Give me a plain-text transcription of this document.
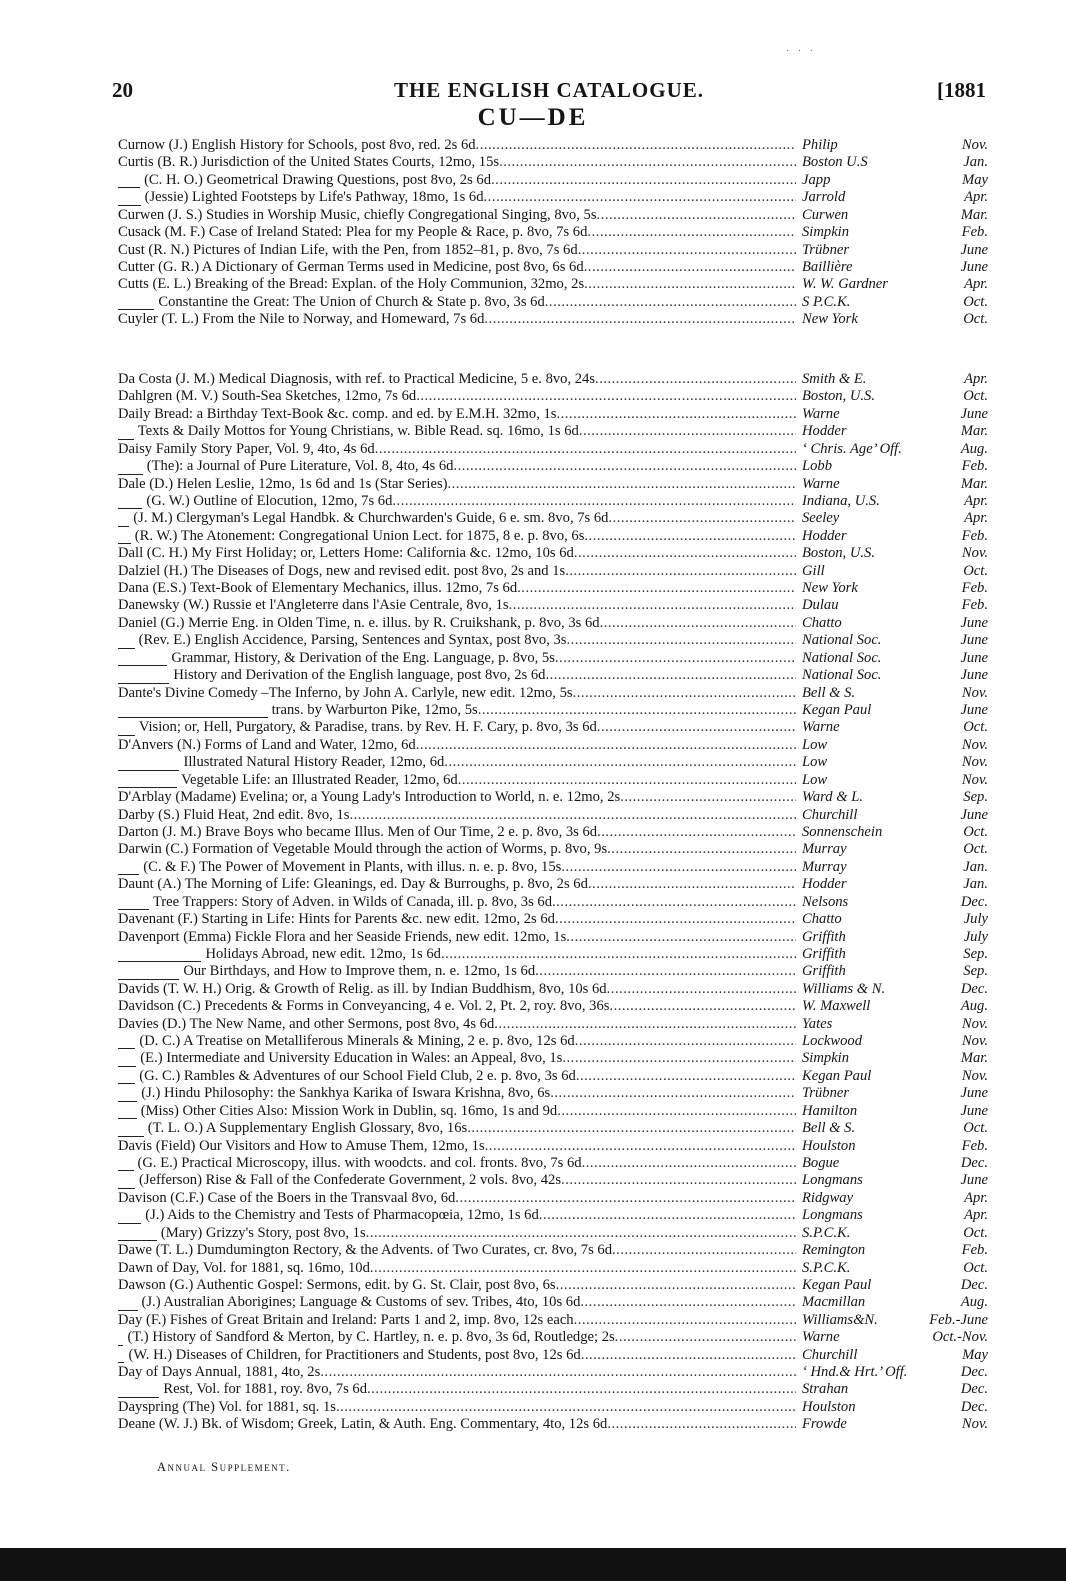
· · ·
20	THE ENGLISH CATALOGUE.	[1881
CU—DE
Curnow (J.) English History for Schools, post 8vo, red. 2s 6d .....	Philip	Nov.
Curtis (B. R.) Jurisdiction of the United States Courts, 12mo, 15s .....	Boston U.S	Jan.
(C. H. O.) Geometrical Drawing Questions, post 8vo, 2s 6d .....	Japp	May
(Jessie) Lighted Footsteps by Life's Pathway, 18mo, 1s 6d .....	Jarrold	Apr.
Curwen (J. S.) Studies in Worship Music, chiefly Congregational Singing, 8vo, 5s .....	Curwen	Mar.
Cusack (M. F.) Case of Ireland Stated: Plea for my People & Race, p. 8vo, 7s 6d .....	Simpkin	Feb.
Cust (R. N.) Pictures of Indian Life, with the Pen, from 1852–81, p. 8vo, 7s 6d .....	Trübner	June
Cutter (G. R.) A Dictionary of German Terms used in Medicine, post 8vo, 6s 6d .....	Baillière	June
Cutts (E. L.) Breaking of the Bread: Explan. of the Holy Communion, 32mo, 2s .....	W. W. Gardner	Apr.
Constantine the Great: The Union of Church & State p. 8vo, 3s 6d .....	S P.C.K.	Oct.
Cuyler (T. L.) From the Nile to Norway, and Homeward, 7s 6d .....	New York	Oct.
Da Costa (J. M.) Medical Diagnosis, with ref. to Practical Medicine, 5 e. 8vo, 24s .....	Smith & E.	Apr.
Dahlgren (M. V.) South-Sea Sketches, 12mo, 7s 6d .....	Boston, U.S.	Oct.
Daily Bread: a Birthday Text-Book &c. comp. and ed. by E.M.H. 32mo, 1s .....	Warne	June
Texts & Daily Mottos for Young Christians, w. Bible Read. sq. 16mo, 1s 6d .....	Hodder	Mar.
Daisy Family Story Paper, Vol. 9, 4to, 4s 6d .....	‘ Chris. Age’ Off.	Aug.
(The): a Journal of Pure Literature, Vol. 8, 4to, 4s 6d .....	Lobb	Feb.
Dale (D.) Helen Leslie, 12mo, 1s 6d and 1s (Star Series) .....	Warne	Mar.
(G. W.) Outline of Elocution, 12mo, 7s 6d .....	Indiana, U.S.	Apr.
(J. M.) Clergyman's Legal Handbk. & Churchwarden's Guide, 6 e. sm. 8vo, 7s 6d .....	Seeley	Apr.
(R. W.) The Atonement: Congregational Union Lect. for 1875, 8 e. p. 8vo, 6s .....	Hodder	Feb.
Dall (C. H.) My First Holiday; or, Letters Home: California &c. 12mo, 10s 6d .....	Boston, U.S.	Nov.
Dalziel (H.) The Diseases of Dogs, new and revised edit. post 8vo, 2s and 1s .....	Gill	Oct.
Dana (E.S.) Text-Book of Elementary Mechanics, illus. 12mo, 7s 6d .....	New York	Feb.
Danewsky (W.) Russie et l'Angleterre dans l'Asie Centrale, 8vo, 1s .....	Dulau	Feb.
Daniel (G.) Merrie Eng. in Olden Time, n. e. illus. by R. Cruikshank, p. 8vo, 3s 6d .....	Chatto	June
(Rev. E.) English Accidence, Parsing, Sentences and Syntax, post 8vo, 3s .....	National Soc.	June
Grammar, History, & Derivation of the Eng. Language, p. 8vo, 5s .....	National Soc.	June
History and Derivation of the English language, post 8vo, 2s 6d .....	National Soc.	June
Dante's Divine Comedy –The Inferno, by John A. Carlyle, new edit. 12mo, 5s .....	Bell & S.	Nov.
trans. by Warburton Pike, 12mo, 5s .....	Kegan Paul	June
Vision; or, Hell, Purgatory, & Paradise, trans. by Rev. H. F. Cary, p. 8vo, 3s 6d .....	Warne	Oct.
D'Anvers (N.) Forms of Land and Water, 12mo, 6d .....	Low	Nov.
Illustrated Natural History Reader, 12mo, 6d .....	Low	Nov.
Vegetable Life: an Illustrated Reader, 12mo, 6d .....	Low	Nov.
D'Arblay (Madame) Evelina; or, a Young Lady's Introduction to World, n. e. 12mo, 2s .....	Ward & L.	Sep.
Darby (S.) Fluid Heat, 2nd edit. 8vo, 1s .....	Churchill	June
Darton (J. M.) Brave Boys who became Illus. Men of Our Time, 2 e. p. 8vo, 3s 6d .....	Sonnenschein	Oct.
Darwin (C.) Formation of Vegetable Mould through the action of Worms, p. 8vo, 9s .....	Murray	Oct.
(C. & F.) The Power of Movement in Plants, with illus. n. e. p. 8vo, 15s .....	Murray	Jan.
Daunt (A.) The Morning of Life: Gleanings, ed. Day & Burroughs, p. 8vo, 2s 6d .....	Hodder	Jan.
Tree Trappers: Story of Adven. in Wilds of Canada, ill. p. 8vo, 3s 6d .....	Nelsons	Dec.
Davenant (F.) Starting in Life: Hints for Parents &c. new edit. 12mo, 2s 6d .....	Chatto	July
Davenport (Emma) Fickle Flora and her Seaside Friends, new edit. 12mo, 1s .....	Griffith	July
Holidays Abroad, new edit. 12mo, 1s 6d .....	Griffith	Sep.
Our Birthdays, and How to Improve them, n. e. 12mo, 1s 6d .....	Griffith	Sep.
Davids (T. W. H.) Orig. & Growth of Relig. as ill. by Indian Buddhism, 8vo, 10s 6d .....	Williams & N.	Dec.
Davidson (C.) Precedents & Forms in Conveyancing, 4 e. Vol. 2, Pt. 2, roy. 8vo, 36s .....	W. Maxwell	Aug.
Davies (D.) The New Name, and other Sermons, post 8vo, 4s 6d .....	Yates	Nov.
(D. C.) A Treatise on Metalliferous Minerals & Mining, 2 e. p. 8vo, 12s 6d .....	Lockwood	Nov.
(E.) Intermediate and University Education in Wales: an Appeal, 8vo, 1s .....	Simpkin	Mar.
(G. C.) Rambles & Adventures of our School Field Club, 2 e. p. 8vo, 3s 6d .....	Kegan Paul	Nov.
(J.) Hindu Philosophy: the Sankhya Karika of Iswara Krishna, 8vo, 6s .....	Trübner	June
(Miss) Other Cities Also: Mission Work in Dublin, sq. 16mo, 1s and 9d .....	Hamilton	June
(T. L. O.) A Supplementary English Glossary, 8vo, 16s .....	Bell & S.	Oct.
Davis (Field) Our Visitors and How to Amuse Them, 12mo, 1s .....	Houlston	Feb.
(G. E.) Practical Microscopy, illus. with woodcts. and col. fronts. 8vo, 7s 6d .....	Bogue	Dec.
(Jefferson) Rise & Fall of the Confederate Government, 2 vols. 8vo, 42s .....	Longmans	June
Davison (C.F.) Case of the Boers in the Transvaal 8vo, 6d .....	Ridgway	Apr.
(J.) Aids to the Chemistry and Tests of Pharmacopœia, 12mo, 1s 6d .....	Longmans	Apr.
(Mary) Grizzy's Story, post 8vo, 1s .....	S.P.C.K.	Oct.
Dawe (T. L.) Dumdumington Rectory, & the Advents. of Two Curates, cr. 8vo, 7s 6d .....	Remington	Feb.
Dawn of Day, Vol. for 1881, sq. 16mo, 10d .....	S.P.C.K.	Oct.
Dawson (G.) Authentic Gospel: Sermons, edit. by G. St. Clair, post 8vo, 6s .....	Kegan Paul	Dec.
(J.) Australian Aborigines; Language & Customs of sev. Tribes, 4to, 10s 6d .....	Macmillan	Aug.
Day (F.) Fishes of Great Britain and Ireland: Parts 1 and 2, imp. 8vo, 12s each .....	Williams&N.	Feb.-June
(T.) History of Sandford & Merton, by C. Hartley, n. e. p. 8vo, 3s 6d, Routledge; 2s .....	Warne	Oct.-Nov.
(W. H.) Diseases of Children, for Practitioners and Students, post 8vo, 12s 6d .....	Churchill	May
Day of Days Annual, 1881, 4to, 2s .....	‘ Hnd.& Hrt.’ Off.	Dec.
Rest, Vol. for 1881, roy. 8vo, 7s 6d .....	Strahan	Dec.
Dayspring (The) Vol. for 1881, sq. 1s .....	Houlston	Dec.
Deane (W. J.) Bk. of Wisdom; Greek, Latin, & Auth. Eng. Commentary, 4to, 12s 6d .....	Frowde	Nov.
Annual Supplement.
